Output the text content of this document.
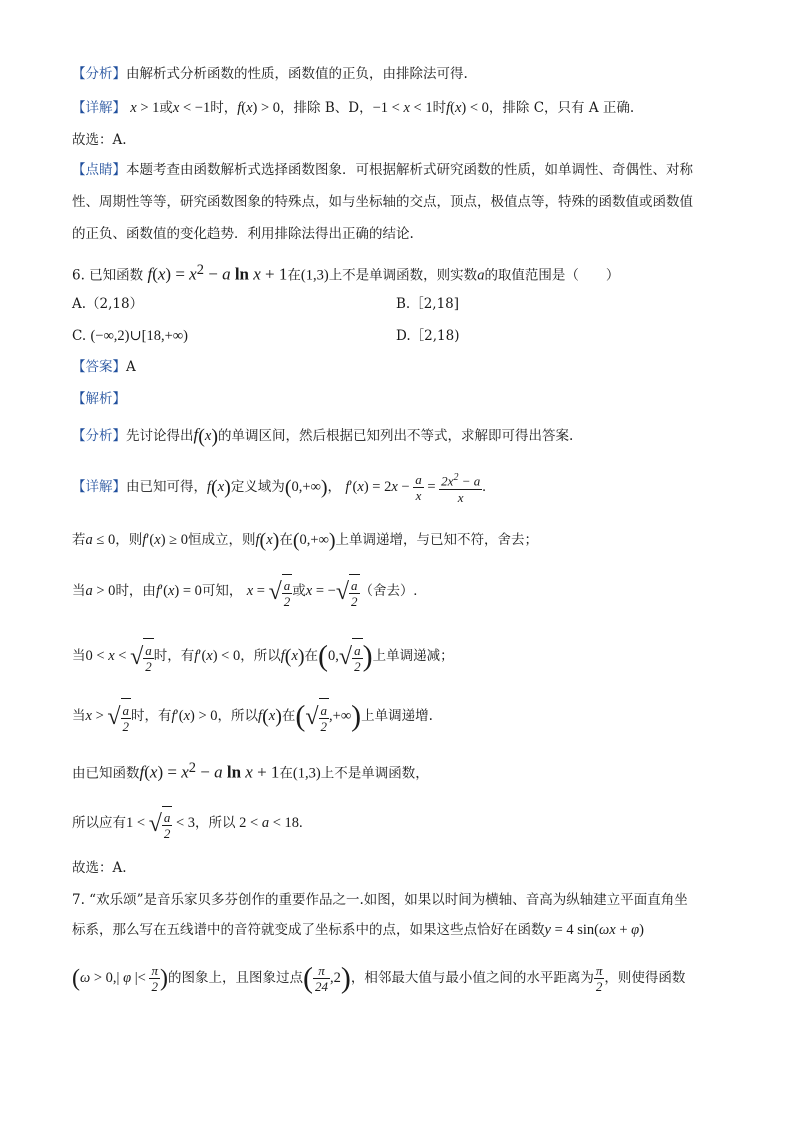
【分析】由解析式分析函数的性质，函数值的正负，由排除法可得.
【详解】 x > 1或x < −1时，f(x) > 0，排除 B、D，−1 < x < 1时f(x) < 0，排除 C，只有 A 正确.
故选：A.
【点睛】本题考查由函数解析式选择函数图象．可根据解析式研究函数的性质，如单调性、奇偶性、对称
性、周期性等等，研究函数图象的特殊点，如与坐标轴的交点，顶点，极值点等，特殊的函数值或函数值
的正负、函数值的变化趋势．利用排除法得出正确的结论.
6. 已知函数 $f(x) = x^2 - a$ ln x + 1在(1,3)上不是单调函数，则实数a的取值范围是（　　）
A.（2,18）	B.［2,18]
C. (−∞,2)∪[18,+∞)	D.［2,18)
【答案】A
【解析】
【分析】先讨论得出f(x)的单调区间，然后根据已知列出不等式，求解即可得出答案.
【详解】由已知可得，f(x)定义域为(0,+∞)， $f'(x) = 2x - \frac{a}{x} = \frac{2x^2 - a}{x}$ .
若a ≤ 0，则f′(x) ≥ 0恒成立，则f(x)在(0,+∞)上单调递增，与已知不符，舍去；
当a > 0时，由f′(x) = 0可知， x = √ $\frac{a}{2}$ 或x = −√ $\frac{a}{2}$ （舍去）.
当0 < x < √ $\frac{a}{2}$ 时，有f′(x) < 0，所以f(x)在($0,√ \frac{a}{2}$ )上单调递减；
当x > √ $\frac{a}{2}$ 时，有f′(x) > 0，所以f(x)在(√ $\frac{a}{2}$ ,+∞)上单调递增.
由已知函数$f(x) = x^2 - a$ ln x + 1在(1,3)上不是单调函数，
所以应有1 < √ $\frac{a}{2} < 3$，所以 2 < a < 18.
故选：A.
7. “欢乐颂”是音乐家贝多芬创作的重要作品之一.如图，如果以时间为横轴、音高为纵轴建立平面直角坐
标系，那么写在五线谱中的音符就变成了坐标系中的点，如果这些点恰好在函数y = 4 sin(ωx + φ)
(ω > 0,| φ |< $\frac{\pi}{2}$ )的图象上，且图象过点( $\frac{\pi}{24} ,2$)，相邻最大值与最小值之间的水平距离为 $\frac{\pi}{2}$ ，则使得函数
